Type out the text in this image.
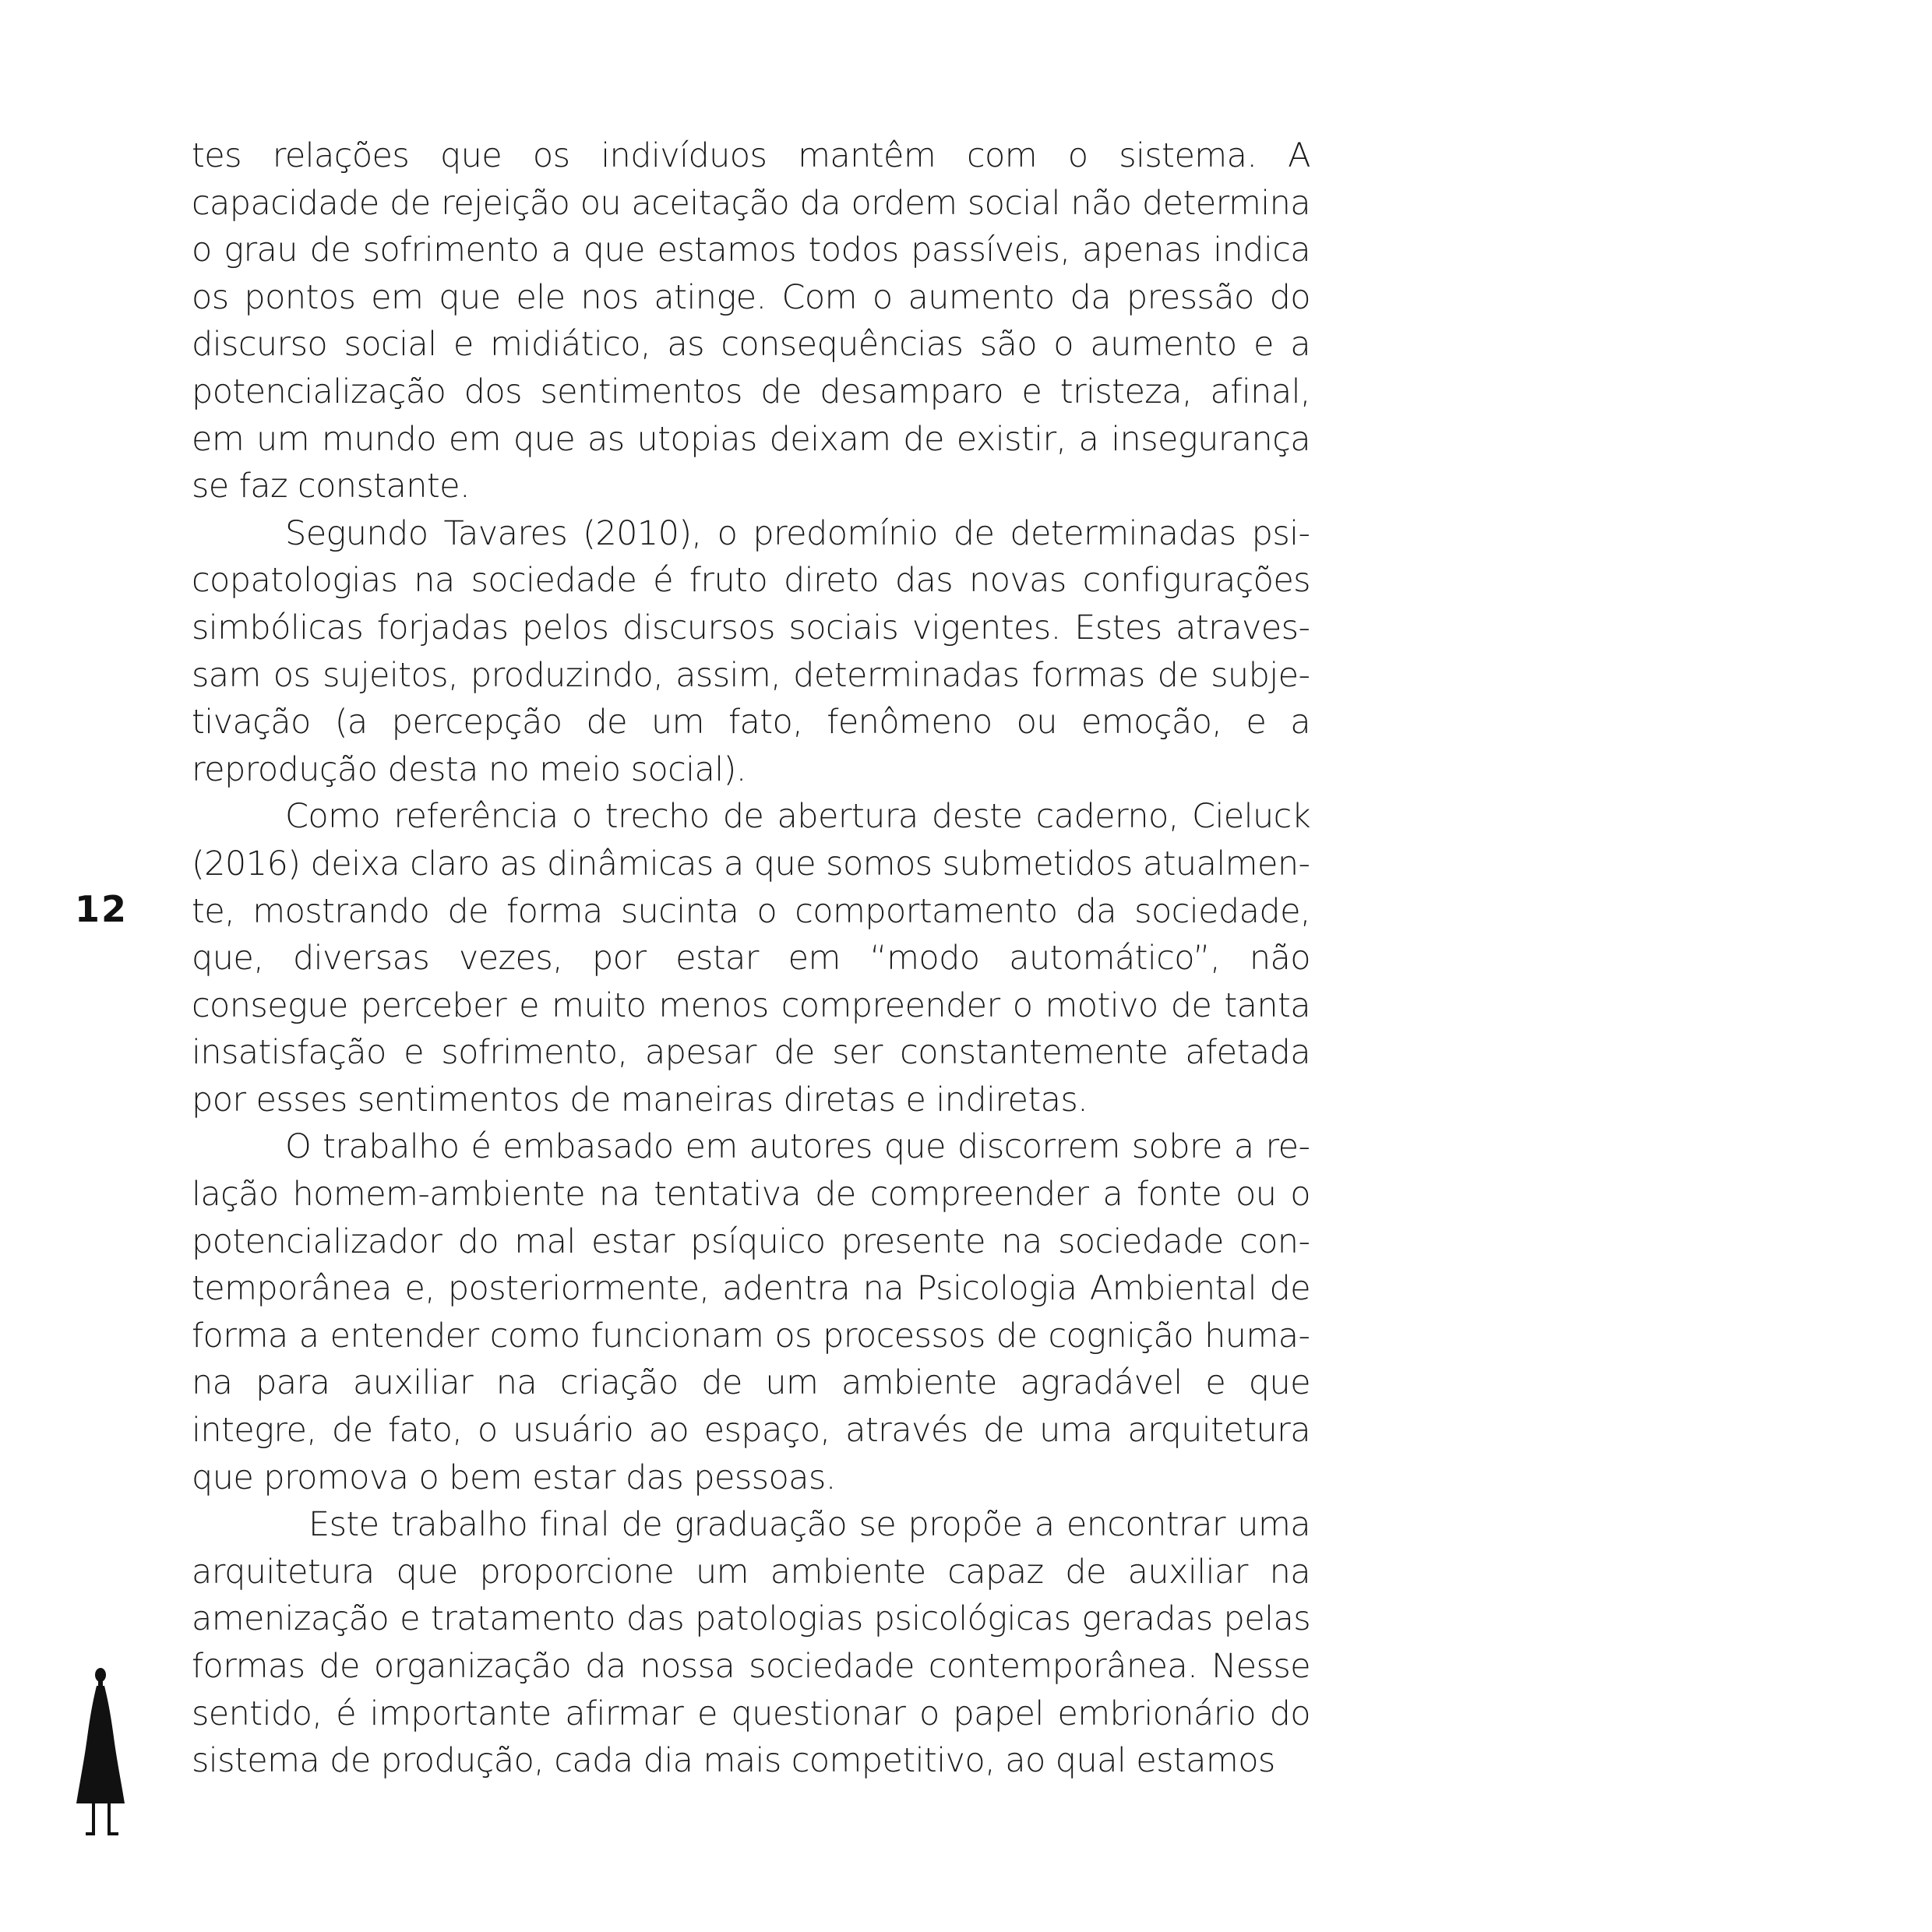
tes relações que os indivíduos mantêm com o sistema. A capacidade de rejeição ou aceitação da ordem social não determina o grau de sofrimento a que estamos todos passíveis, apenas indica os pontos em que ele nos atinge. Com o aumento da pressão do discurso social e midiático, as consequências são o aumento e a potencialização dos sentimentos de desamparo e tristeza, afinal, em um mundo em que as utopias deixam de existir, a insegurança se faz constante.

Segundo Tavares (2010), o predomínio de determinadas psicopatologias na sociedade é fruto direto das novas configurações simbólicas forjadas pelos discursos sociais vigentes. Estes atravessam os sujeitos, produzindo, assim, determinadas formas de subjetivação (a percepção de um fato, fenômeno ou emoção, e a reprodução desta no meio social).

Como referência o trecho de abertura deste caderno, Cieluck (2016) deixa claro as dinâmicas a que somos submetidos atualmente, mostrando de forma sucinta o comportamento da sociedade, que, diversas vezes, por estar em “modo automático”, não consegue perceber e muito menos compreender o motivo de tanta insatisfação e sofrimento, apesar de ser constantemente afetada por esses sentimentos de maneiras diretas e indiretas.

O trabalho é embasado em autores que discorrem sobre a relação homem-ambiente na tentativa de compreender a fonte ou o potencializador do mal estar psíquico presente na sociedade contemporânea e, posteriormente, adentra na Psicologia Ambiental de forma a entender como funcionam os processos de cognição humana para auxiliar na criação de um ambiente agradável e que integre, de fato, o usuário ao espaço, através de uma arquitetura que promova o bem estar das pessoas.

Este trabalho final de graduação se propõe a encontrar uma arquitetura que proporcione um ambiente capaz de auxiliar na amenização e tratamento das patologias psicológicas geradas pelas formas de organização da nossa sociedade contemporânea. Nesse sentido, é importante afirmar e questionar o papel embrionário do sistema de produção, cada dia mais competitivo, ao qual estamos

12
